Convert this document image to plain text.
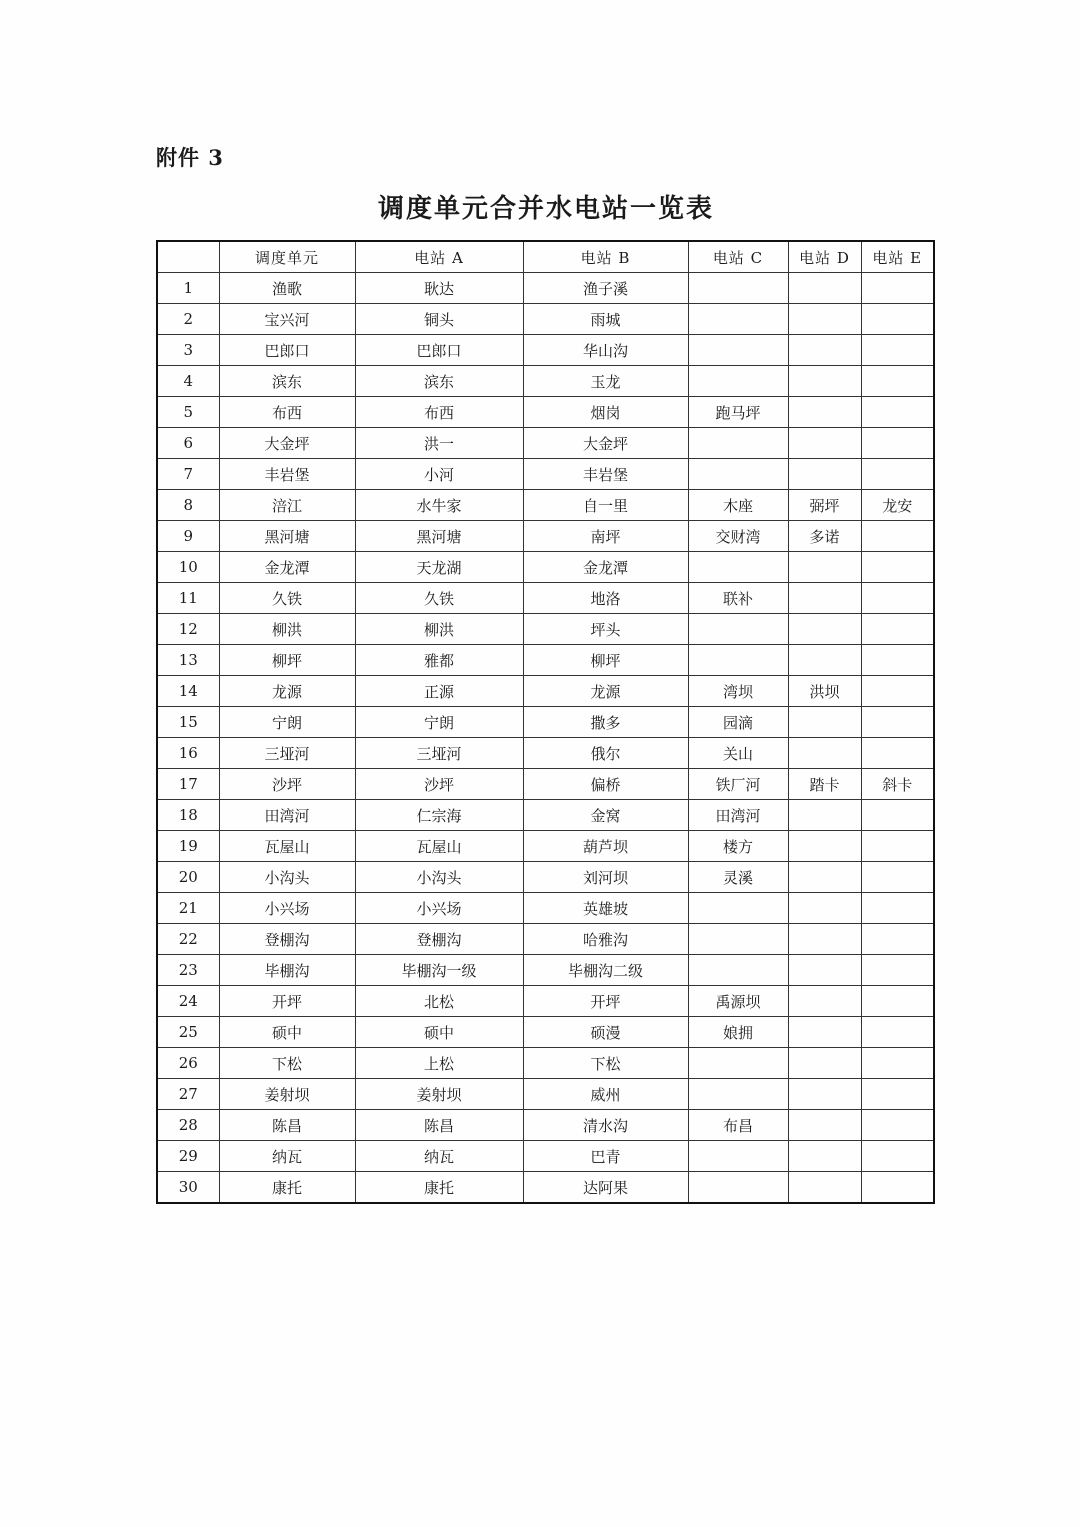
附件 3
调度单元合并水电站一览表
	调度单元	电站 A	电站 B	电站 C	电站 D	电站 E
1	渔歌	耿达	渔子溪			
2	宝兴河	铜头	雨城			
3	巴郎口	巴郎口	华山沟			
4	滨东	滨东	玉龙			
5	布西	布西	烟岗	跑马坪		
6	大金坪	洪一	大金坪			
7	丰岩堡	小河	丰岩堡			
8	涪江	水牛家	自一里	木座	弼坪	龙安
9	黑河塘	黑河塘	南坪	交财湾	多诺	
10	金龙潭	天龙湖	金龙潭			
11	久铁	久铁	地洛	联补		
12	柳洪	柳洪	坪头			
13	柳坪	雅都	柳坪			
14	龙源	正源	龙源	湾坝	洪坝	
15	宁朗	宁朗	撒多	园滴		
16	三垭河	三垭河	俄尔	关山		
17	沙坪	沙坪	偏桥	铁厂河	踏卡	斜卡
18	田湾河	仁宗海	金窝	田湾河		
19	瓦屋山	瓦屋山	葫芦坝	楼方		
20	小沟头	小沟头	刘河坝	灵溪		
21	小兴场	小兴场	英雄坡			
22	登棚沟	登棚沟	哈雅沟			
23	毕棚沟	毕棚沟一级	毕棚沟二级			
24	开坪	北松	开坪	禹源坝		
25	硕中	硕中	硕漫	娘拥		
26	下松	上松	下松			
27	姜射坝	姜射坝	威州			
28	陈昌	陈昌	清水沟	布昌		
29	纳瓦	纳瓦	巴青			
30	康托	康托	达阿果			
